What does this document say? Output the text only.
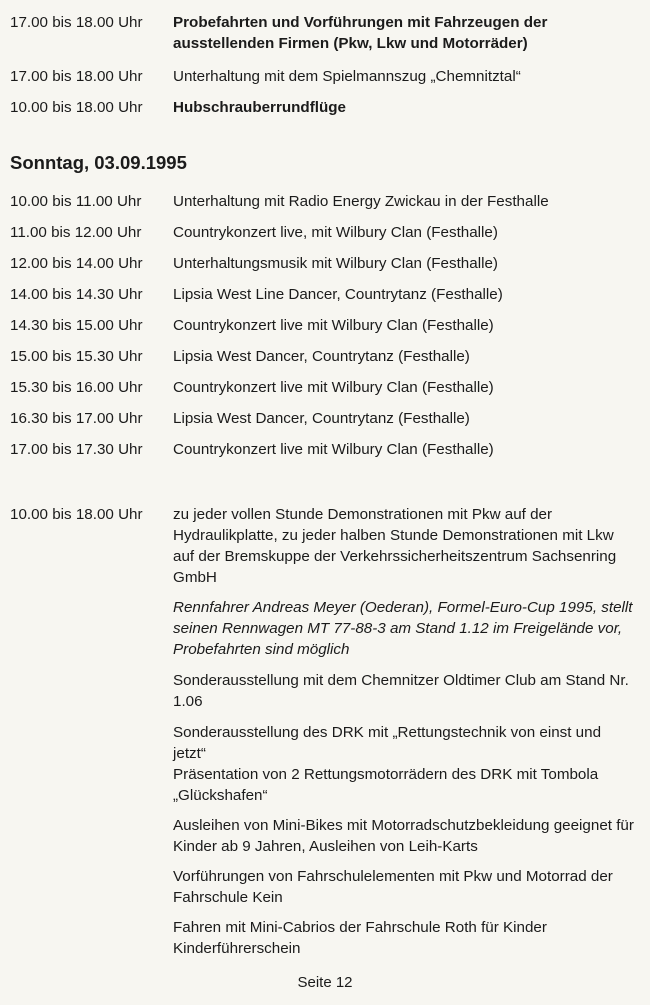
17.00 bis 18.00 Uhr	Probefahrten und Vorführungen mit Fahrzeugen der ausstellenden Firmen (Pkw, Lkw und Motorräder)
17.00 bis 18.00 Uhr	Unterhaltung mit dem Spielmannszug „Chemnitztal“
10.00 bis 18.00 Uhr	Hubschrauberrundflüge
Sonntag, 03.09.1995
10.00 bis 11.00 Uhr	Unterhaltung mit Radio Energy Zwickau in der Festhalle
11.00 bis 12.00 Uhr	Countrykonzert live, mit Wilbury Clan (Festhalle)
12.00 bis 14.00 Uhr	Unterhaltungsmusik mit Wilbury Clan (Festhalle)
14.00 bis 14.30 Uhr	Lipsia West Line Dancer, Countrytanz (Festhalle)
14.30 bis 15.00 Uhr	Countrykonzert live mit Wilbury Clan (Festhalle)
15.00 bis 15.30 Uhr	Lipsia West Dancer, Countrytanz (Festhalle)
15.30 bis 16.00 Uhr	Countrykonzert live mit Wilbury Clan (Festhalle)
16.30 bis 17.00 Uhr	Lipsia West Dancer, Countrytanz (Festhalle)
17.00 bis 17.30 Uhr	Countrykonzert live mit Wilbury Clan (Festhalle)
10.00 bis 18.00 Uhr	zu jeder vollen Stunde Demonstrationen mit Pkw auf der Hydraulikplatte, zu jeder halben Stunde Demonstrationen mit Lkw auf der Bremskuppe der Verkehrssicherheitszentrum Sachsenring GmbH
Rennfahrer Andreas Meyer (Oederan), Formel-Euro-Cup 1995, stellt seinen Rennwagen MT 77-88-3 am Stand 1.12 im Freigelände vor, Probefahrten sind möglich
Sonderausstellung mit dem Chemnitzer Oldtimer Club am Stand Nr. 1.06
Sonderausstellung des DRK mit „Rettungstechnik von einst und jetzt“
Präsentation von 2 Rettungsmotorrädern des DRK mit Tombola „Glückshafen“
Ausleihen von Mini-Bikes mit Motorradschutzbekleidung geeignet für Kinder ab 9 Jahren, Ausleihen von Leih-Karts
Vorführungen von Fahrschulelementen mit Pkw und Motorrad der Fahrschule Kein
Fahren mit Mini-Cabrios der Fahrschule Roth für Kinder Kinderführerschein
Seite 12
